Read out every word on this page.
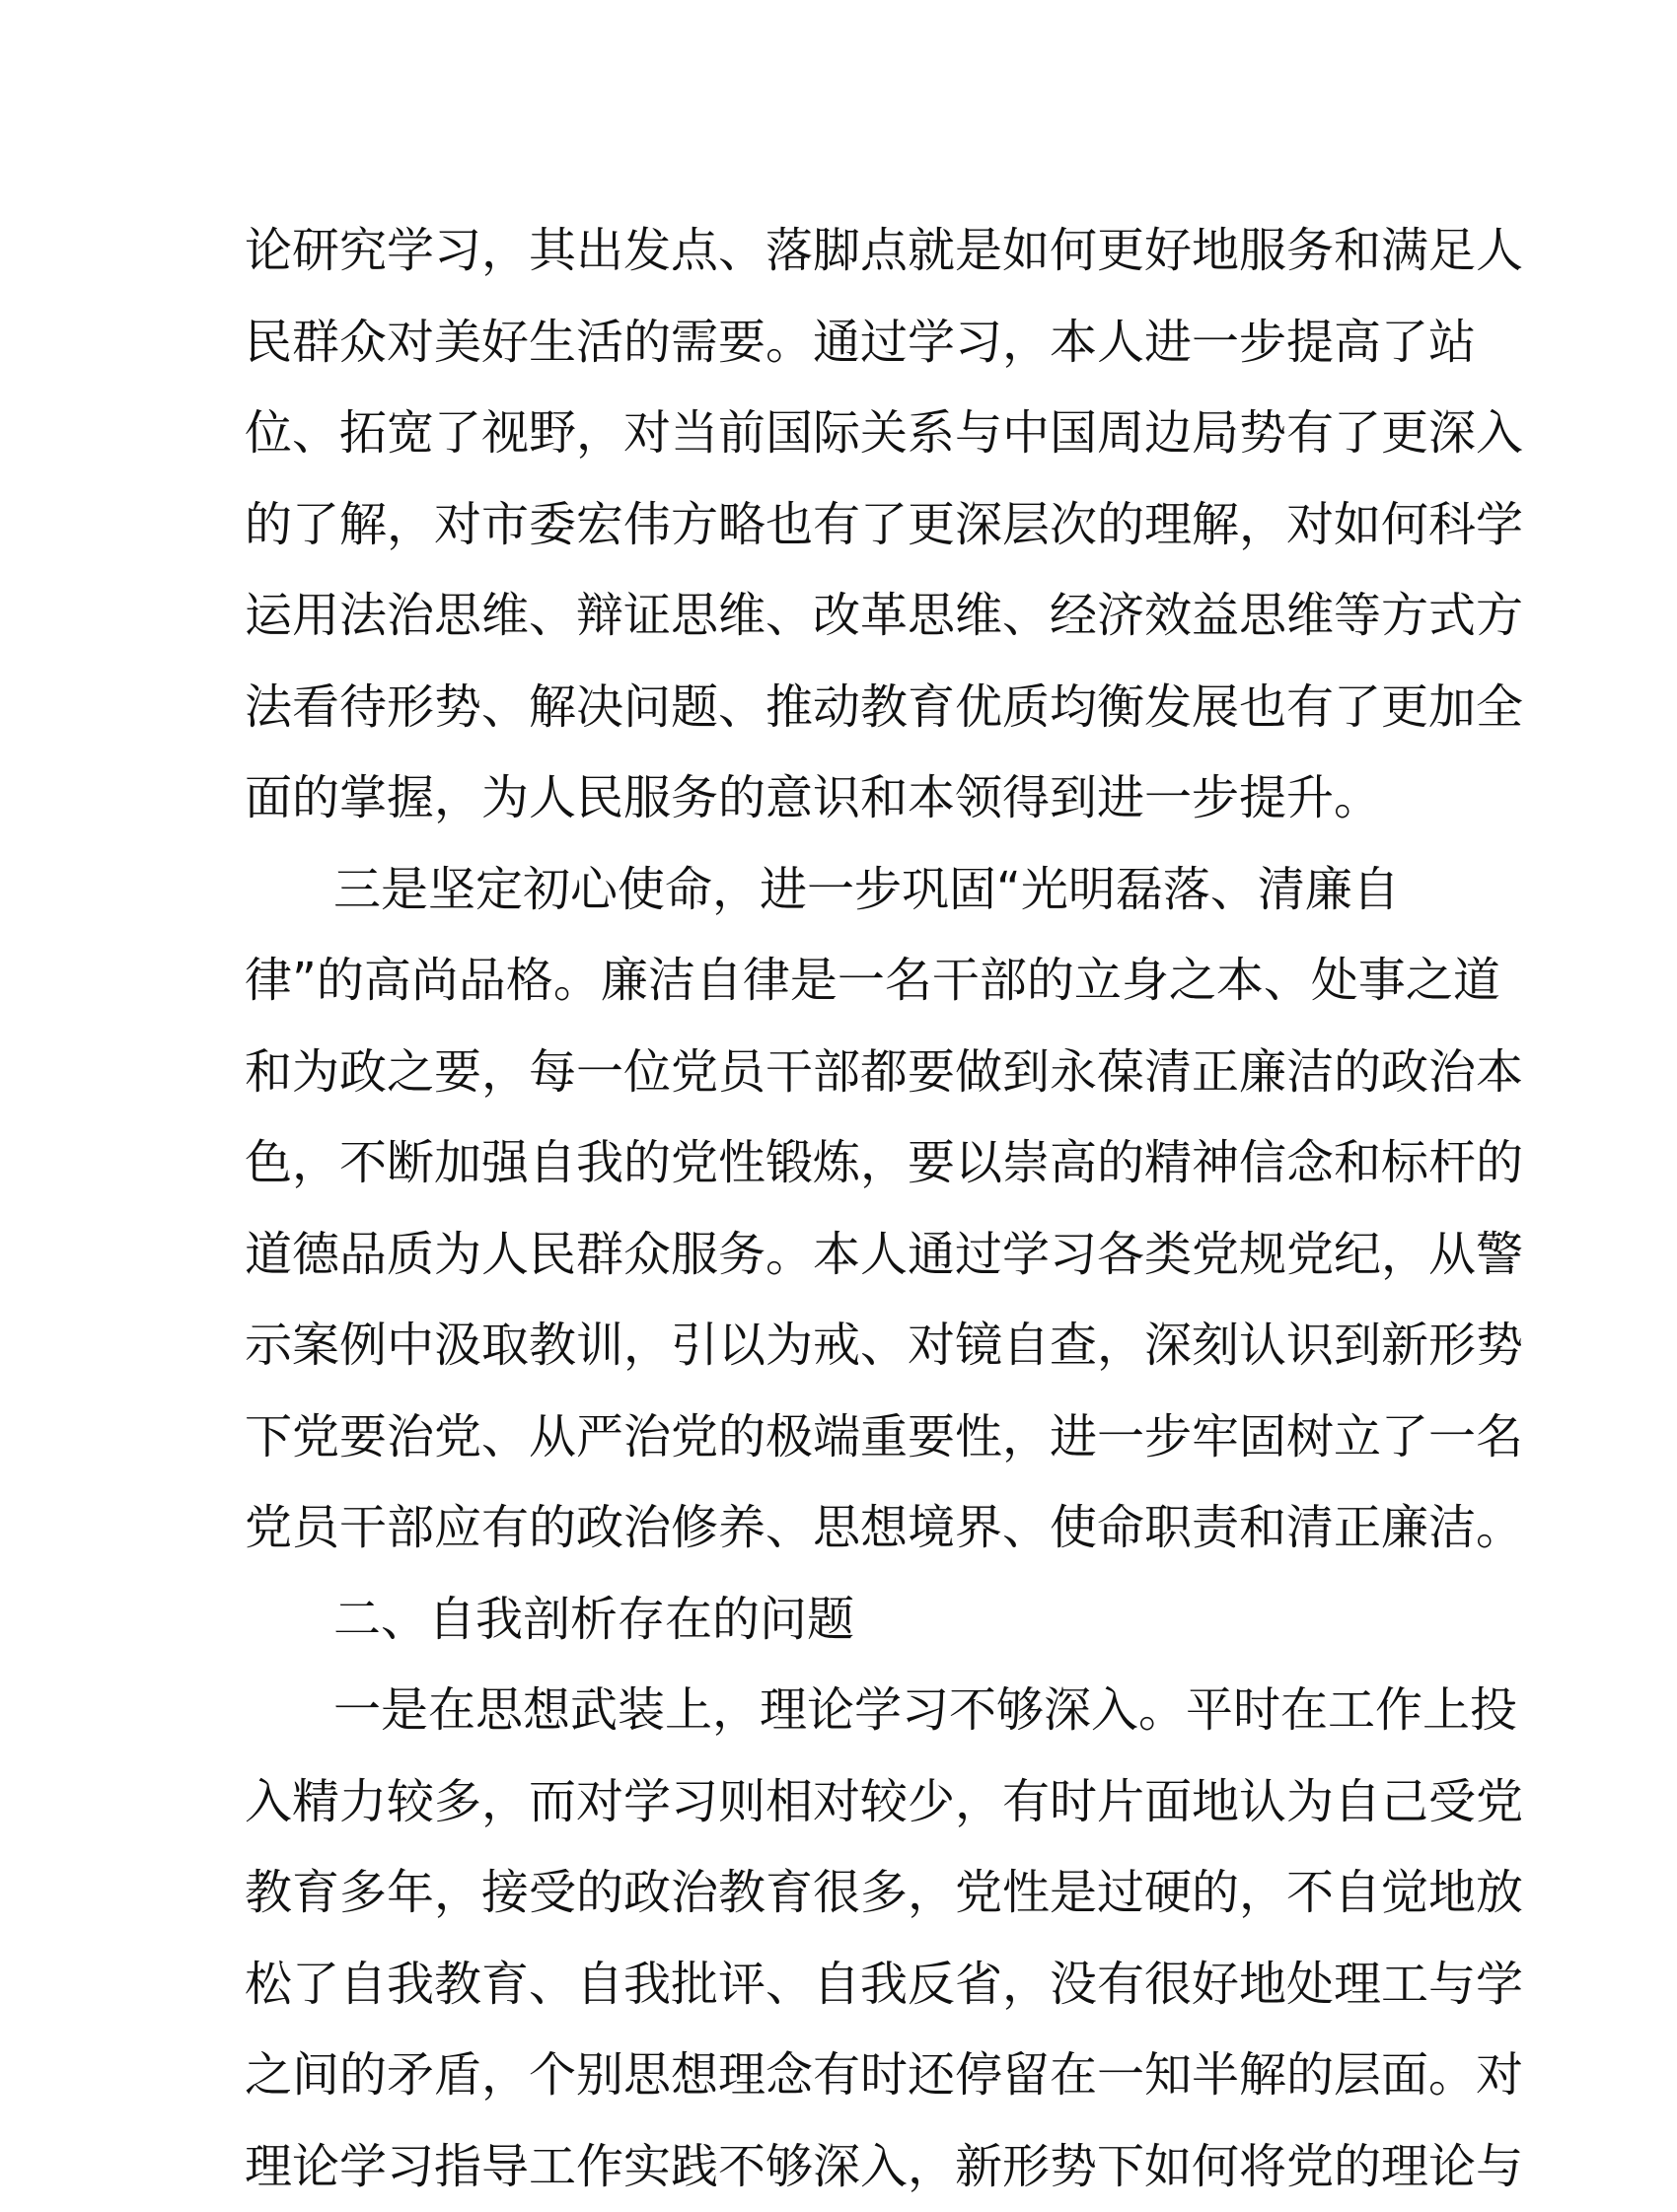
论研究学习，其出发点、落脚点就是如何更好地服务和满足人
民群众对美好生活的需要。通过学习，本人进一步提高了站
位、拓宽了视野，对当前国际关系与中国周边局势有了更深入
的了解，对市委宏伟方略也有了更深层次的理解，对如何科学
运用法治思维、辩证思维、改革思维、经济效益思维等方式方
法看待形势、解决问题、推动教育优质均衡发展也有了更加全
面的掌握，为人民服务的意识和本领得到进一步提升。
三是坚定初心使命，进一步巩固“光明磊落、清廉自
律”的高尚品格。廉洁自律是一名干部的立身之本、处事之道
和为政之要，每一位党员干部都要做到永葆清正廉洁的政治本
色，不断加强自我的党性锻炼，要以崇高的精神信念和标杆的
道德品质为人民群众服务。本人通过学习各类党规党纪，从警
示案例中汲取教训，引以为戒、对镜自查，深刻认识到新形势
下党要治党、从严治党的极端重要性，进一步牢固树立了一名
党员干部应有的政治修养、思想境界、使命职责和清正廉洁。
二、自我剖析存在的问题
一是在思想武装上，理论学习不够深入。平时在工作上投
入精力较多，而对学习则相对较少，有时片面地认为自己受党
教育多年，接受的政治教育很多，党性是过硬的，不自觉地放
松了自我教育、自我批评、自我反省，没有很好地处理工与学
之间的矛盾，个别思想理念有时还停留在一知半解的层面。对
理论学习指导工作实践不够深入，新形势下如何将党的理论与
